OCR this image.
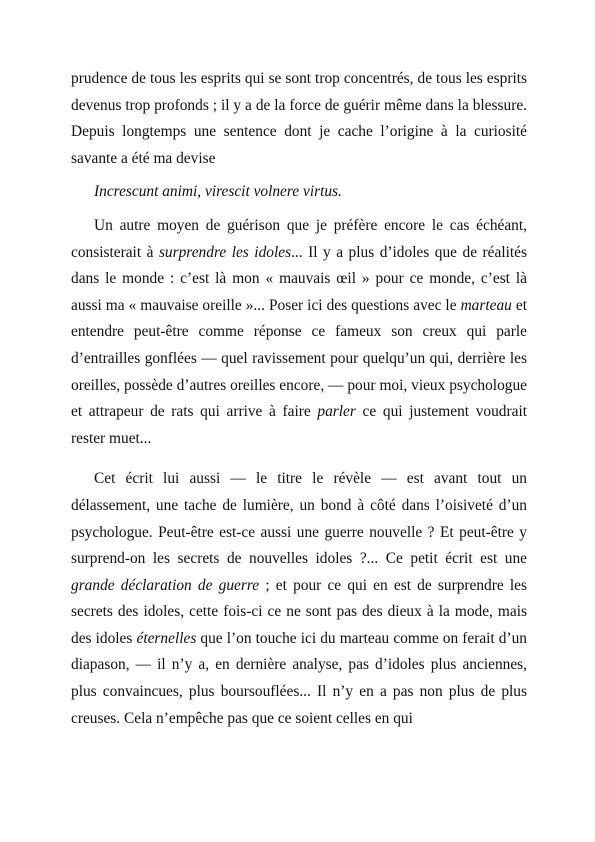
prudence de tous les esprits qui se sont trop concentrés, de tous les esprits devenus trop profonds ; il y a de la force de guérir même dans la blessure. Depuis longtemps une sentence dont je cache l’origine à la curiosité savante a été ma devise

Increscunt animi, virescit volnere virtus.

Un autre moyen de guérison que je préfère encore le cas échéant, consisterait à surprendre les idoles... Il y a plus d’idoles que de réalités dans le monde : c’est là mon « mauvais œil » pour ce monde, c’est là aussi ma « mauvaise oreille »... Poser ici des questions avec le marteau et entendre peut-être comme réponse ce fameux son creux qui parle d’entrailles gonflées — quel ravissement pour quelqu’un qui, derrière les oreilles, possède d’autres oreilles encore, — pour moi, vieux psychologue et attrapeur de rats qui arrive à faire parler ce qui justement voudrait rester muet...

Cet écrit lui aussi — le titre le révèle — est avant tout un délassement, une tache de lumière, un bond à côté dans l’oisiveté d’un psychologue. Peut-être est-ce aussi une guerre nouvelle ? Et peut-être y surprend-on les secrets de nouvelles idoles ?... Ce petit écrit est une grande déclaration de guerre ; et pour ce qui en est de surprendre les secrets des idoles, cette fois-ci ce ne sont pas des dieux à la mode, mais des idoles éternelles que l’on touche ici du marteau comme on ferait d’un diapason, — il n’y a, en dernière analyse, pas d’idoles plus anciennes, plus convaincues, plus boursouflées... Il n’y en a pas non plus de plus creuses. Cela n’empêche pas que ce soient celles en qui
